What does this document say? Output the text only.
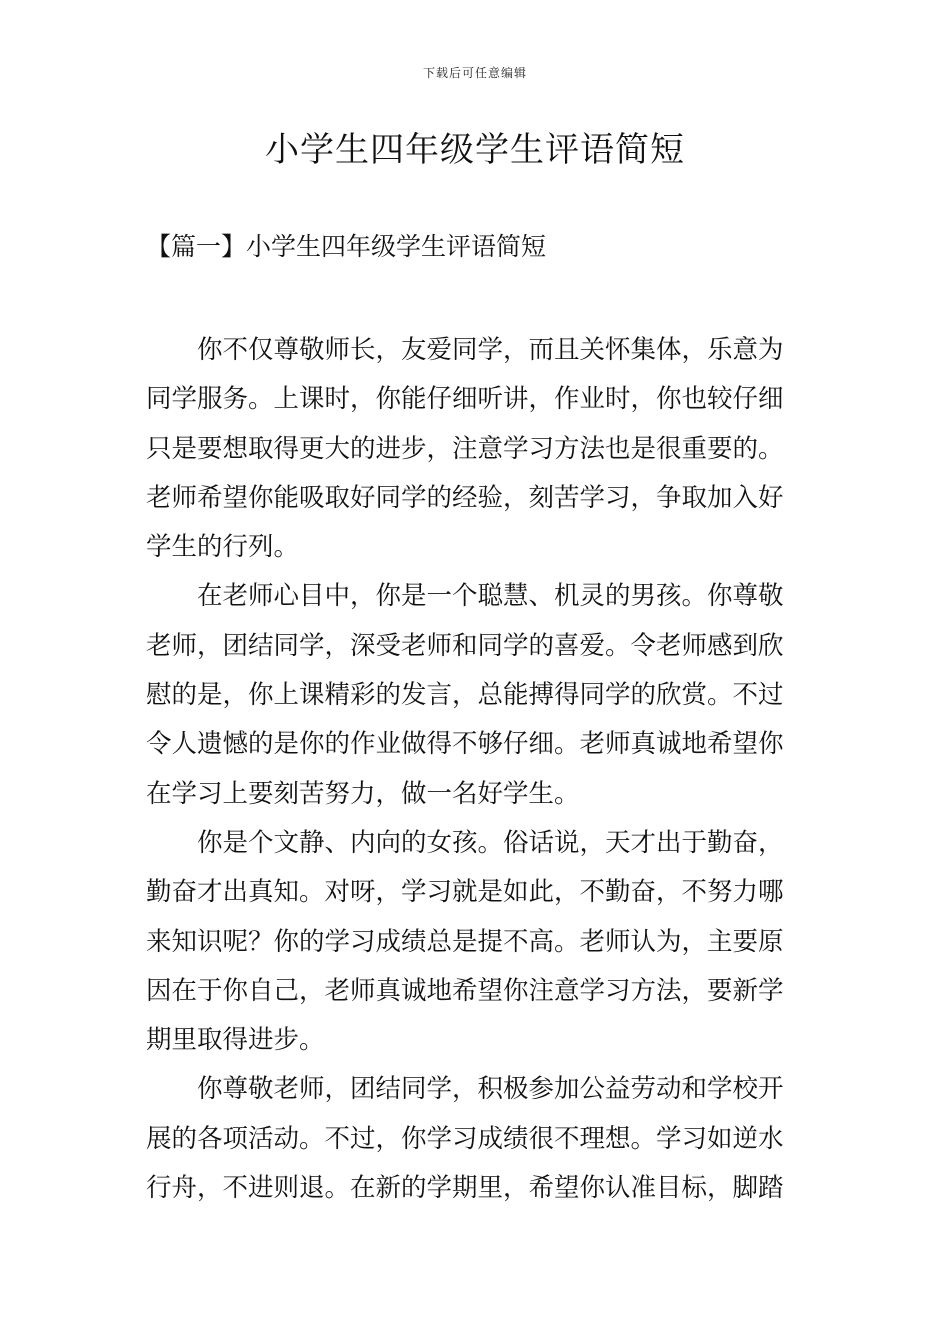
下载后可任意编辑
小学生四年级学生评语简短
【篇一】小学生四年级学生评语简短

你不仅尊敬师长，友爱同学，而且关怀集体，乐意为
同学服务。上课时，你能仔细听讲，作业时，你也较仔细
只是要想取得更大的进步，注意学习方法也是很重要的。
老师希望你能吸取好同学的经验，刻苦学习，争取加入好
学生的行列。

在老师心目中，你是一个聪慧、机灵的男孩。你尊敬
老师，团结同学，深受老师和同学的喜爱。令老师感到欣
慰的是，你上课精彩的发言，总能搏得同学的欣赏。不过
令人遗憾的是你的作业做得不够仔细。老师真诚地希望你
在学习上要刻苦努力，做一名好学生。

你是个文静、内向的女孩。俗话说，天才出于勤奋，
勤奋才出真知。对呀，学习就是如此，不勤奋，不努力哪
来知识呢？你的学习成绩总是提不高。老师认为，主要原
因在于你自己，老师真诚地希望你注意学习方法，要新学
期里取得进步。

你尊敬老师，团结同学，积极参加公益劳动和学校开
展的各项活动。不过，你学习成绩很不理想。学习如逆水
行舟，不进则退。在新的学期里，希望你认准目标，脚踏
